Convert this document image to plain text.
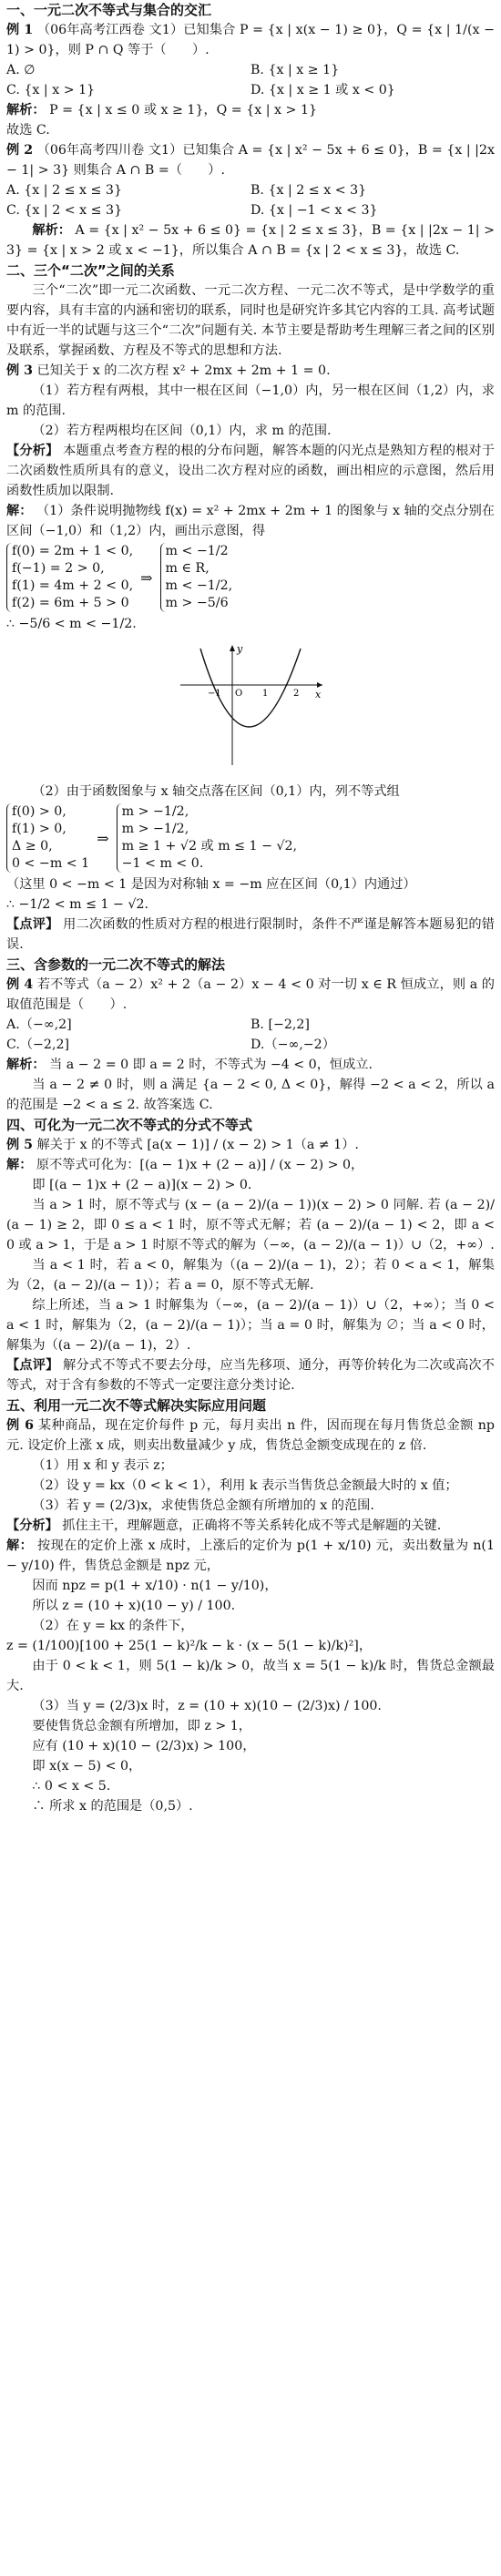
一、一元二次不等式与集合的交汇

例 1 （06年高考江西卷 文1）已知集合 P = {x | x(x − 1) ≥ 0}，Q = {x | 1/(x − 1) > 0}，则 P ∩ Q 等于（　　）.

A. ∅	B. {x | x ≥ 1}
C. {x | x > 1}	D. {x | x ≥ 1 或 x < 0}

解析： P = {x | x ≤ 0 或 x ≥ 1}，Q = {x | x > 1}

故选 C.

例 2 （06年高考四川卷 文1）已知集合 A = {x | x² − 5x + 6 ≤ 0}，B = {x | |2x − 1| > 3} 则集合 A ∩ B =（　　）.

A. {x | 2 ≤ x ≤ 3}	B. {x | 2 ≤ x < 3}
C. {x | 2 < x ≤ 3}	D. {x | −1 < x < 3}

解析： A = {x | x² − 5x + 6 ≤ 0} = {x | 2 ≤ x ≤ 3}，B = {x | |2x − 1| > 3} = {x | x > 2 或 x < −1}，所以集合 A ∩ B = {x | 2 < x ≤ 3}，故选 C.

二、三个“二次”之间的关系

三个“二次”即一元二次函数、一元二次方程、一元二次不等式，是中学数学的重要内容，具有丰富的内涵和密切的联系，同时也是研究许多其它内容的工具. 高考试题中有近一半的试题与这三个“二次”问题有关. 本节主要是帮助考生理解三者之间的区别及联系，掌握函数、方程及不等式的思想和方法.

例 3 已知关于 x 的二次方程 x² + 2mx + 2m + 1 = 0.

（1）若方程有两根，其中一根在区间（−1,0）内，另一根在区间（1,2）内，求 m 的范围.

（2）若方程两根均在区间（0,1）内，求 m 的范围.

【分析】 本题重点考查方程的根的分布问题，解答本题的闪光点是熟知方程的根对于二次函数性质所具有的意义，设出二次方程对应的函数，画出相应的示意图，然后用函数性质加以限制.

解： （1）条件说明抛物线 f(x) = x² + 2mx + 2m + 1 的图象与 x 轴的交点分别在区间（−1,0）和（1,2）内，画出示意图，得

f(0) = 2m + 1 < 0,
f(−1) = 2 > 0,
f(1) = 4m + 2 < 0,
f(2) = 6m + 5 > 0
⇒
m < −1/2
m ∈ R,
m < −1/2,
m > −5/6

∴ −5/6 < m < −1/2.

y
x
−1 O 1	2

（2）由于函数图象与 x 轴交点落在区间（0,1）内，列不等式组

f(0) > 0,
f(1) > 0,
Δ ≥ 0,
0 < −m < 1
⇒
m > −1/2,
m > −1/2,
m ≥ 1 + √2 或 m ≤ 1 − √2,
−1 < m < 0.

（这里 0 < −m < 1 是因为对称轴 x = −m 应在区间（0,1）内通过）

∴ −1/2 < m ≤ 1 − √2.

【点评】 用二次函数的性质对方程的根进行限制时，条件不严谨是解答本题易犯的错误.

三、含参数的一元二次不等式的解法

例 4 若不等式（a − 2）x² + 2（a − 2）x − 4 < 0 对一切 x ∈ R 恒成立，则 a 的取值范围是（　　）.

A.（−∞,2]	B. [−2,2]
C.（−2,2]	D.（−∞,−2）

解析： 当 a − 2 = 0 即 a = 2 时，不等式为 −4 < 0，恒成立.

当 a − 2 ≠ 0 时，则 a 满足 {a − 2 < 0, Δ < 0}，解得 −2 < a < 2，所以 a 的范围是 −2 < a ≤ 2. 故答案选 C.

四、可化为一元二次不等式的分式不等式

例 5 解关于 x 的不等式 [a(x − 1)] / (x − 2) > 1（a ≠ 1）.

解： 原不等式可化为：[(a − 1)x + (2 − a)] / (x − 2) > 0，

即 [(a − 1)x + (2 − a)](x − 2) > 0.

当 a > 1 时，原不等式与 (x − (a − 2)/(a − 1))(x − 2) > 0 同解. 若 (a − 2)/(a − 1) ≥ 2，即 0 ≤ a < 1 时，原不等式无解；若 (a − 2)/(a − 1) < 2，即 a < 0 或 a > 1，于是 a > 1 时原不等式的解为（−∞，(a − 2)/(a − 1)）∪（2，+∞）.

当 a < 1 时，若 a < 0，解集为（(a − 2)/(a − 1)，2）；若 0 < a < 1，解集为（2，(a − 2)/(a − 1)）；若 a = 0，原不等式无解.

综上所述，当 a > 1 时解集为（−∞，(a − 2)/(a − 1)）∪（2，+∞）；当 0 < a < 1 时，解集为（2，(a − 2)/(a − 1)）；当 a = 0 时，解集为 ∅；当 a < 0 时，解集为（(a − 2)/(a − 1)，2）.

【点评】 解分式不等式不要去分母，应当先移项、通分，再等价转化为二次或高次不等式，对于含有参数的不等式一定要注意分类讨论.

五、利用一元二次不等式解决实际应用问题

例 6 某种商品，现在定价每件 p 元，每月卖出 n 件，因而现在每月售货总金额 np 元. 设定价上涨 x 成，则卖出数量减少 y 成，售货总金额变成现在的 z 倍.

（1）用 x 和 y 表示 z；

（2）设 y = kx（0 < k < 1），利用 k 表示当售货总金额最大时的 x 值；

（3）若 y = (2/3)x，求使售货总金额有所增加的 x 的范围.

【分析】 抓住主干，理解题意，正确将不等关系转化成不等式是解题的关键.

解： 按现在的定价上涨 x 成时，上涨后的定价为 p(1 + x/10) 元，卖出数量为 n(1 − y/10) 件，售货总金额是 npz 元，

因而 npz = p(1 + x/10) · n(1 − y/10)，

所以 z = (10 + x)(10 − y) / 100.

（2）在 y = kx 的条件下，

z = (1/100)[100 + 25(1 − k)²/k − k · (x − 5(1 − k)/k)²]，

由于 0 < k < 1，则 5(1 − k)/k > 0，故当 x = 5(1 − k)/k 时，售货总金额最大.

（3）当 y = (2/3)x 时，z = (10 + x)(10 − (2/3)x) / 100.

要使售货总金额有所增加，即 z > 1，

应有 (10 + x)(10 − (2/3)x) > 100，

即 x(x − 5) < 0，

∴ 0 < x < 5.

∴ 所求 x 的范围是（0,5）.
